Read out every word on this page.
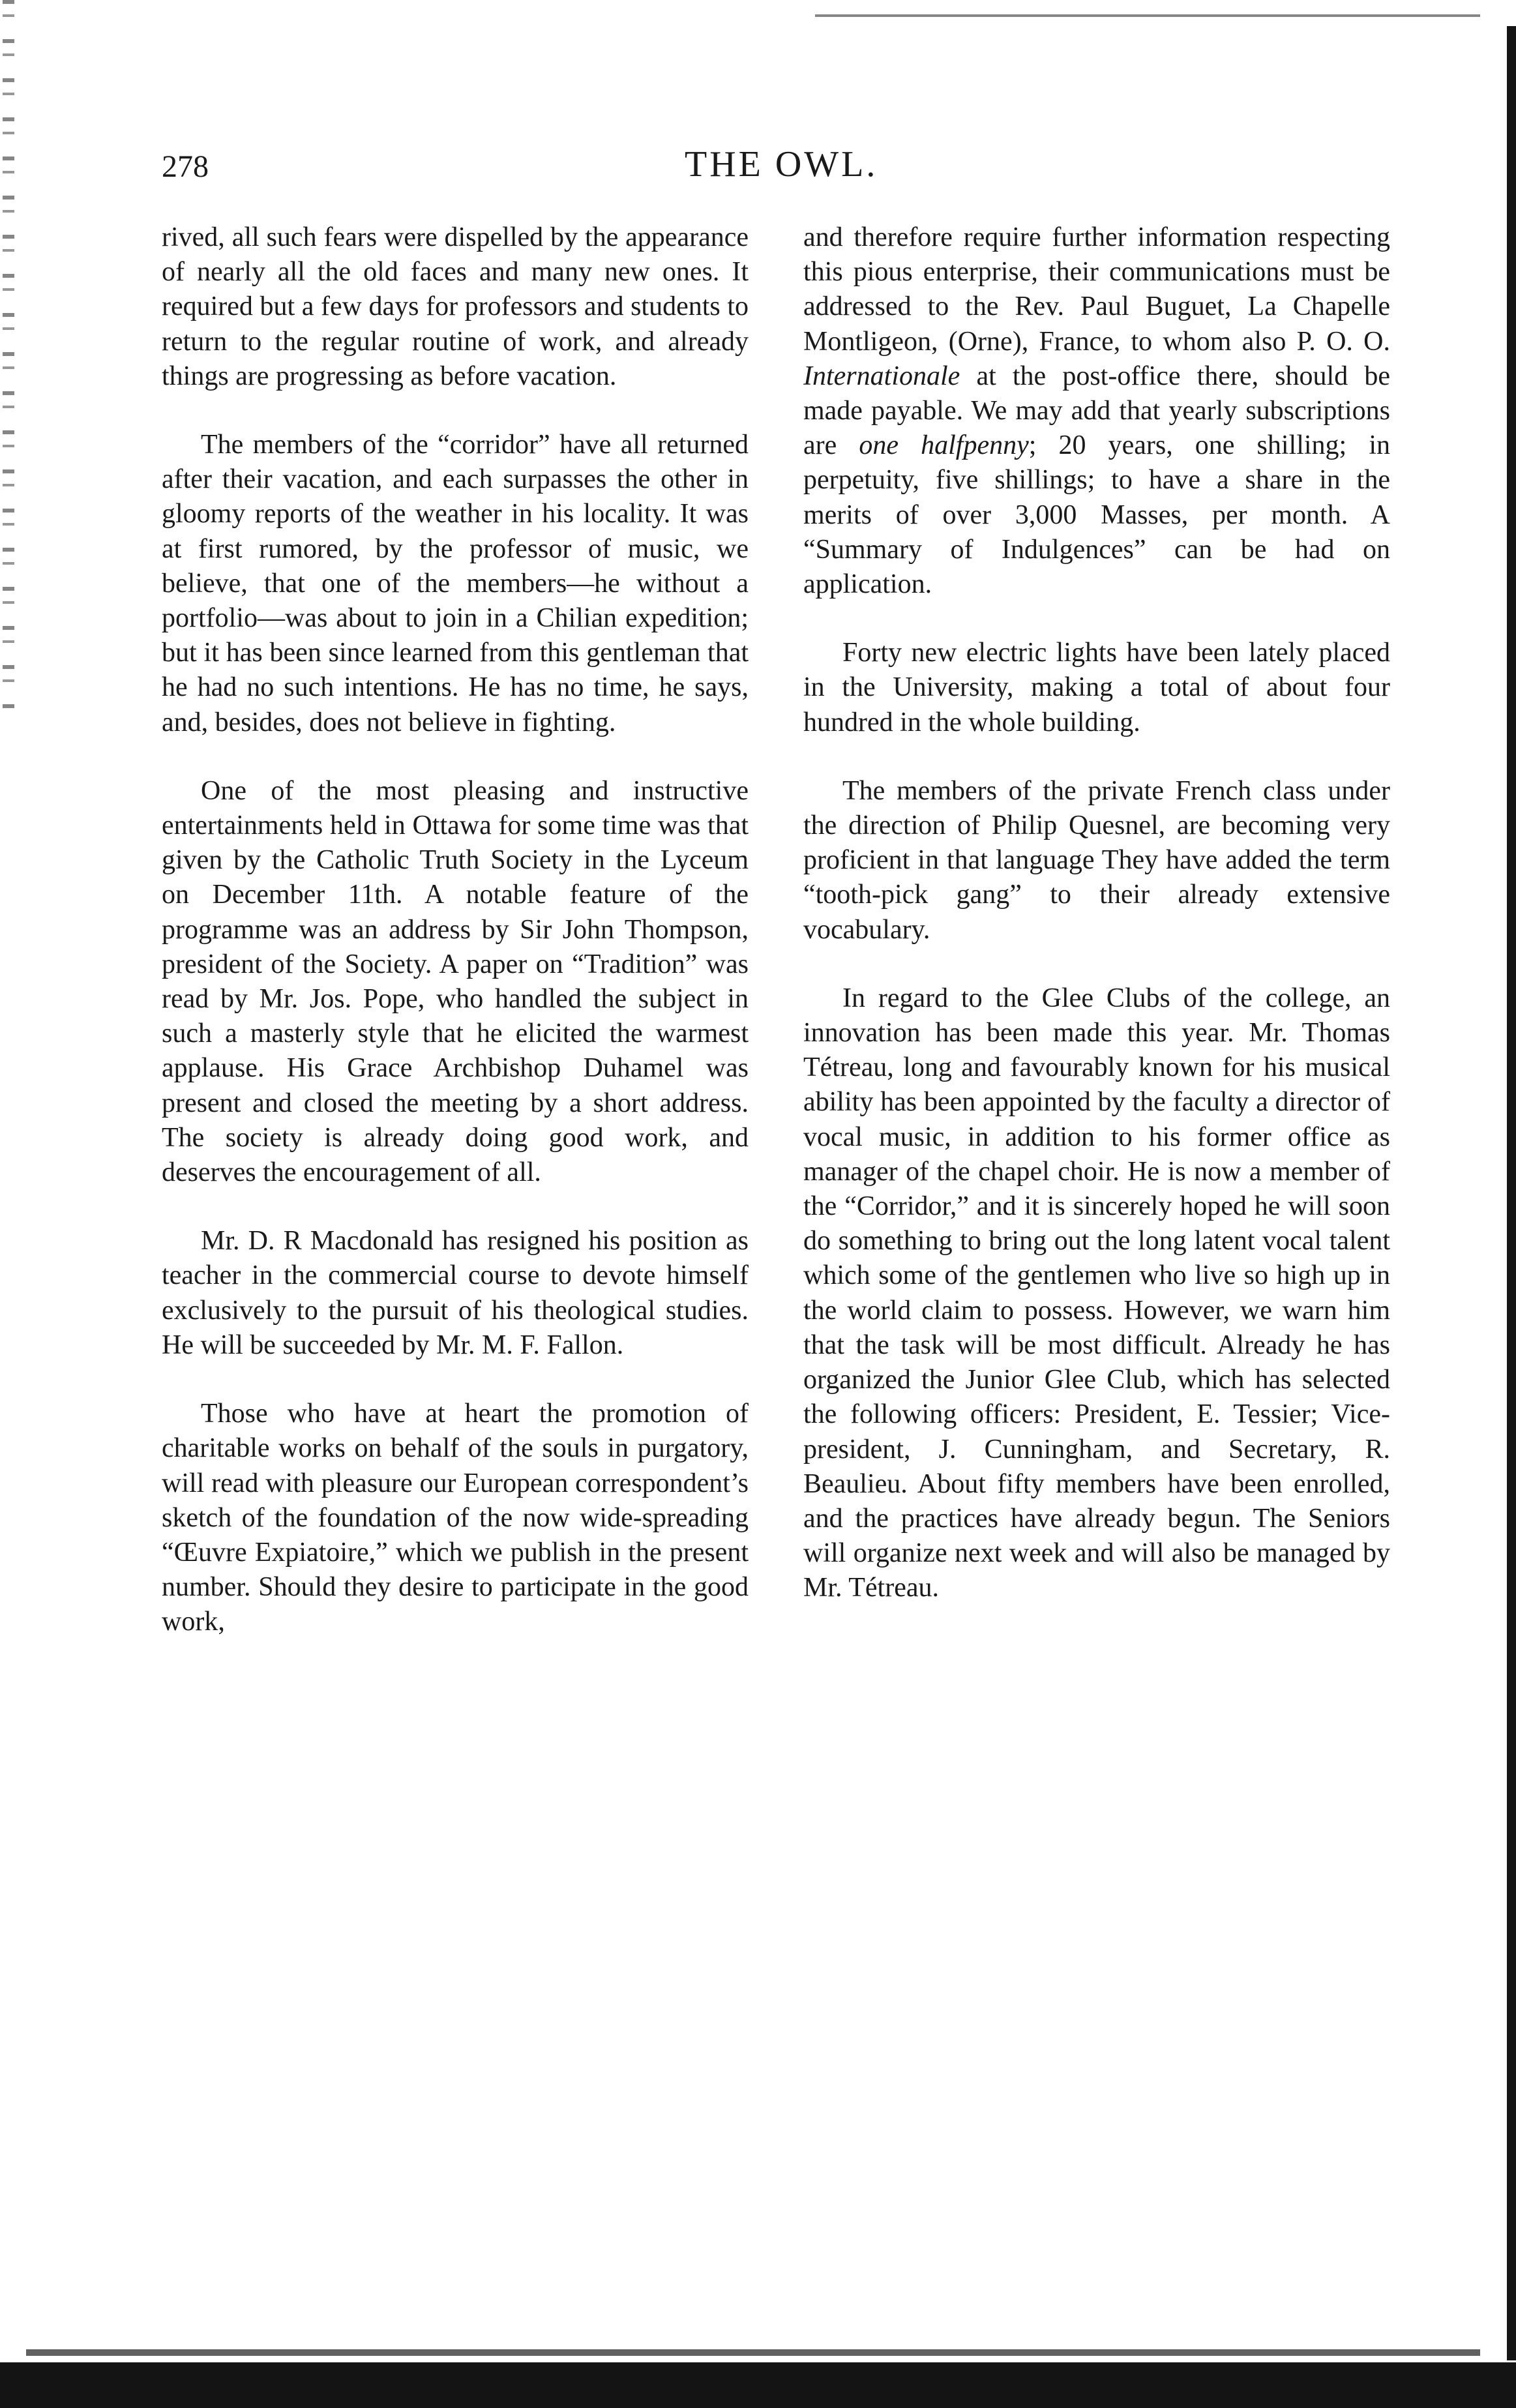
278	THE OWL.

rived, all such fears were dispelled by the appearance of nearly all the old faces and many new ones. It required but a few days for professors and students to return to the regular routine of work, and already things are progressing as before vacation.

The members of the “corridor” have all returned after their vacation, and each surpasses the other in gloomy reports of the weather in his locality. It was at first rumored, by the professor of music, we believe, that one of the members—he without a portfolio—was about to join in a Chilian expedition; but it has been since learned from this gentleman that he had no such intentions. He has no time, he says, and, besides, does not believe in fighting.

One of the most pleasing and instructive entertainments held in Ottawa for some time was that given by the Catholic Truth Society in the Lyceum on December 11th. A notable feature of the programme was an address by Sir John Thompson, president of the Society. A paper on “Tradition” was read by Mr. Jos. Pope, who handled the subject in such a masterly style that he elicited the warmest applause. His Grace Archbishop Duhamel was present and closed the meeting by a short address. The society is already doing good work, and deserves the encouragement of all.

Mr. D. R Macdonald has resigned his position as teacher in the commercial course to devote himself exclusively to the pursuit of his theological studies. He will be succeeded by Mr. M. F. Fallon.

Those who have at heart the promotion of charitable works on behalf of the souls in purgatory, will read with pleasure our European correspondent’s sketch of the foundation of the now wide-spreading “Œuvre Expiatoire,” which we publish in the present number. Should they desire to participate in the good work,

and therefore require further information respecting this pious enterprise, their communications must be addressed to the Rev. Paul Buguet, La Chapelle Montligeon, (Orne), France, to whom also P. O. O. Internationale at the post-office there, should be made payable. We may add that yearly subscriptions are one halfpenny; 20 years, one shilling; in perpetuity, five shillings; to have a share in the merits of over 3,000 Masses, per month. A “Summary of Indulgences” can be had on application.

Forty new electric lights have been lately placed in the University, making a total of about four hundred in the whole building.

The members of the private French class under the direction of Philip Quesnel, are becoming very proficient in that language They have added the term “tooth-pick gang” to their already extensive vocabulary.

In regard to the Glee Clubs of the college, an innovation has been made this year. Mr. Thomas Tétreau, long and favourably known for his musical ability has been appointed by the faculty a director of vocal music, in addition to his former office as manager of the chapel choir. He is now a member of the “Corridor,” and it is sincerely hoped he will soon do something to bring out the long latent vocal talent which some of the gentlemen who live so high up in the world claim to possess. However, we warn him that the task will be most difficult. Already he has organized the Junior Glee Club, which has selected the following officers: President, E. Tessier; Vice-president, J. Cunningham, and Secretary, R. Beaulieu. About fifty members have been enrolled, and the practices have already begun. The Seniors will organize next week and will also be managed by Mr. Tétreau.
